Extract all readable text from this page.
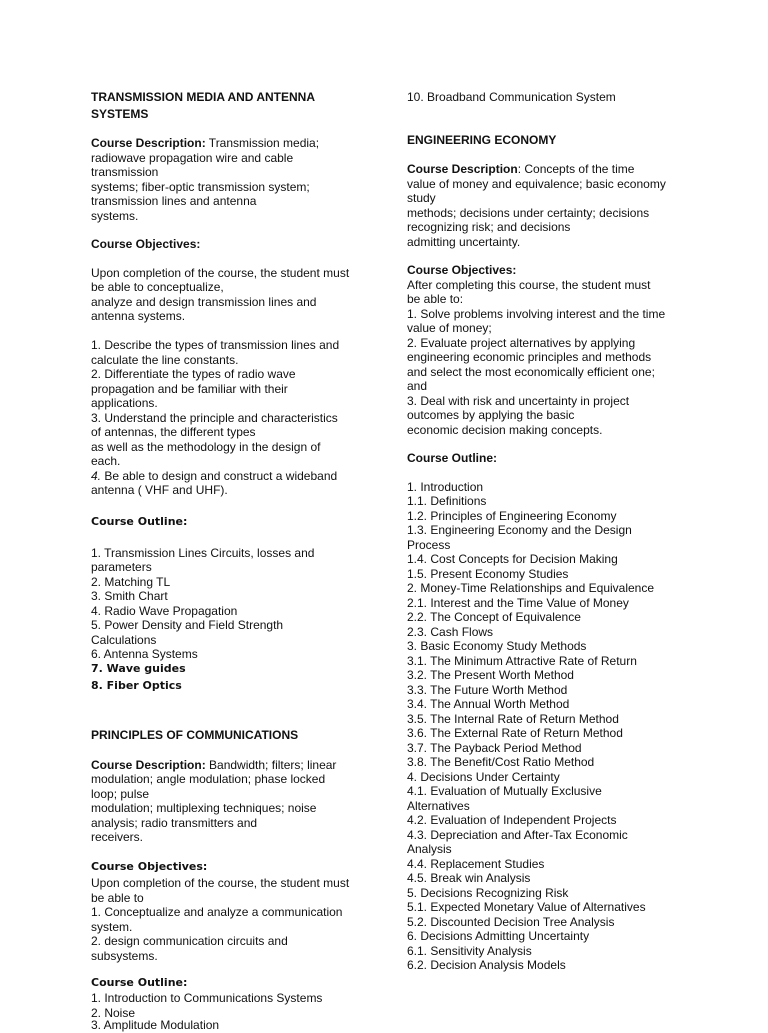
TRANSMISSION MEDIA AND ANTENNA
SYSTEMS
Course Description: Transmission media;
radiowave propagation wire and cable
transmission
systems; fiber-optic transmission system;
transmission lines and antenna
systems.
Course Objectives:
Upon completion of the course, the student must
be able to conceptualize,
analyze and design transmission lines and
antenna systems.
1. Describe the types of transmission lines and
calculate the line constants.
2. Differentiate the types of radio wave
propagation and be familiar with their
applications.
3. Understand the principle and characteristics
of antennas, the different types
as well as the methodology in the design of
each.
4. Be able to design and construct a wideband
antenna ( VHF and UHF).
Course Outline:
1. Transmission Lines Circuits, losses and
parameters
2. Matching TL
3. Smith Chart
4. Radio Wave Propagation
5. Power Density and Field Strength
Calculations
6. Antenna Systems
7. Wave guides
8. Fiber Optics
PRINCIPLES OF COMMUNICATIONS
Course Description: Bandwidth; filters; linear
modulation; angle modulation; phase locked
loop; pulse
modulation; multiplexing techniques; noise
analysis; radio transmitters and
receivers.
Course Objectives:
Upon completion of the course, the student must
be able to
1. Conceptualize and analyze a communication
system.
2. design communication circuits and
subsystems.
Course Outline:
1. Introduction to Communications Systems
2. Noise
3. Amplitude Modulation
10. Broadband Communication System
ENGINEERING ECONOMY
Course Description: Concepts of the time
value of money and equivalence; basic economy
study
methods; decisions under certainty; decisions
recognizing risk; and decisions
admitting uncertainty.
Course Objectives:
After completing this course, the student must
be able to:
1. Solve problems involving interest and the time
value of money;
2. Evaluate project alternatives by applying
engineering economic principles and methods
and select the most economically efficient one;
and
3. Deal with risk and uncertainty in project
outcomes by applying the basic
economic decision making concepts.
Course Outline:
1. Introduction
1.1. Definitions
1.2. Principles of Engineering Economy
1.3. Engineering Economy and the Design
Process
1.4. Cost Concepts for Decision Making
1.5. Present Economy Studies
2. Money-Time Relationships and Equivalence
2.1. Interest and the Time Value of Money
2.2. The Concept of Equivalence
2.3. Cash Flows
3. Basic Economy Study Methods
3.1. The Minimum Attractive Rate of Return
3.2. The Present Worth Method
3.3. The Future Worth Method
3.4. The Annual Worth Method
3.5. The Internal Rate of Return Method
3.6. The External Rate of Return Method
3.7. The Payback Period Method
3.8. The Benefit/Cost Ratio Method
4. Decisions Under Certainty
4.1. Evaluation of Mutually Exclusive
Alternatives
4.2. Evaluation of Independent Projects
4.3. Depreciation and After-Tax Economic
Analysis
4.4. Replacement Studies
4.5. Break win Analysis
5. Decisions Recognizing Risk
5.1. Expected Monetary Value of Alternatives
5.2. Discounted Decision Tree Analysis
6. Decisions Admitting Uncertainty
6.1. Sensitivity Analysis
6.2. Decision Analysis Models
